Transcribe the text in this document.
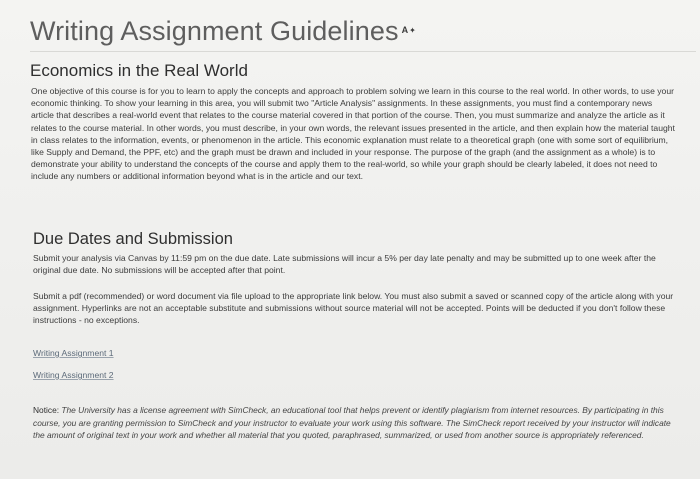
Writing Assignment Guidelines A ✦
Economics in the Real World
One objective of this course is for you to learn to apply the concepts and approach to problem solving we learn in this course to the real world. In other words, to use your economic thinking. To show your learning in this area, you will submit two "Article Analysis" assignments. In these assignments, you must find a contemporary news article that describes a real-world event that relates to the course material covered in that portion of the course. Then, you must summarize and analyze the article as it relates to the course material. In other words, you must describe, in your own words, the relevant issues presented in the article, and then explain how the material taught in class relates to the information, events, or phenomenon in the article. This economic explanation must relate to a theoretical graph (one with some sort of equilibrium, like Supply and Demand, the PPF, etc) and the graph must be drawn and included in your response. The purpose of the graph (and the assignment as a whole) is to demonstrate your ability to understand the concepts of the course and apply them to the real-world, so while your graph should be clearly labeled, it does not need to include any numbers or additional information beyond what is in the article and our text.
Due Dates and Submission
Submit your analysis via Canvas by 11:59 pm on the due date. Late submissions will incur a 5% per day late penalty and may be submitted up to one week after the original due date. No submissions will be accepted after that point.
Submit a pdf (recommended) or word document via file upload to the appropriate link below. You must also submit a saved or scanned copy of the article along with your assignment. Hyperlinks are not an acceptable substitute and submissions without source material will not be accepted. Points will be deducted if you don't follow these instructions - no exceptions.
Writing Assignment 1
Writing Assignment 2
Notice: The University has a license agreement with SimCheck, an educational tool that helps prevent or identify plagiarism from internet resources. By participating in this course, you are granting permission to SimCheck and your instructor to evaluate your work using this software. The SimCheck report received by your instructor will indicate the amount of original text in your work and whether all material that you quoted, paraphrased, summarized, or used from another source is appropriately referenced.
